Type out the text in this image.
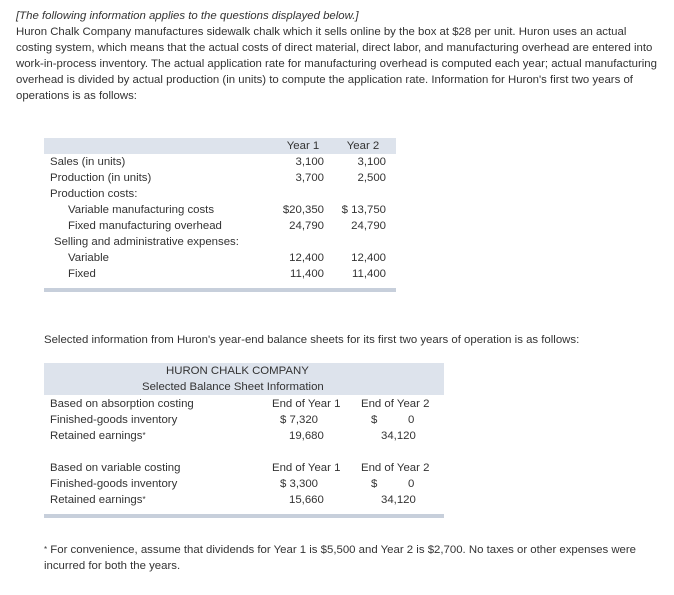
[The following information applies to the questions displayed below.]
Huron Chalk Company manufactures sidewalk chalk which it sells online by the box at $28 per unit. Huron uses an actual costing system, which means that the actual costs of direct material, direct labor, and manufacturing overhead are entered into work-in-process inventory. The actual application rate for manufacturing overhead is computed each year; actual manufacturing overhead is divided by actual production (in units) to compute the application rate. Information for Huron's first two years of operations is as follows:
Year 1	Year 2
Sales (in units)	3,100	3,100
Production (in units)	3,700	2,500
Production costs:
Variable manufacturing costs	$20,350	$ 13,750
Fixed manufacturing overhead	24,790	24,790
Selling and administrative expenses:
Variable	12,400	12,400
Fixed	11,400	11,400
Selected information from Huron's year-end balance sheets for its first two years of operation is as follows:
HURON CHALK COMPANY
Selected Balance Sheet Information
Based on absorption costing	End of Year 1 End of Year 2
Finished-goods inventory	$ 7,320	$	0
Retained earnings*	19,680	34,120
Based on variable costing	End of Year 1 End of Year 2
Finished-goods inventory	$ 3,300	$	0
Retained earnings*	15,660	34,120
* For convenience, assume that dividends for Year 1 is $5,500 and Year 2 is $2,700. No taxes or other expenses were incurred for both the years.
